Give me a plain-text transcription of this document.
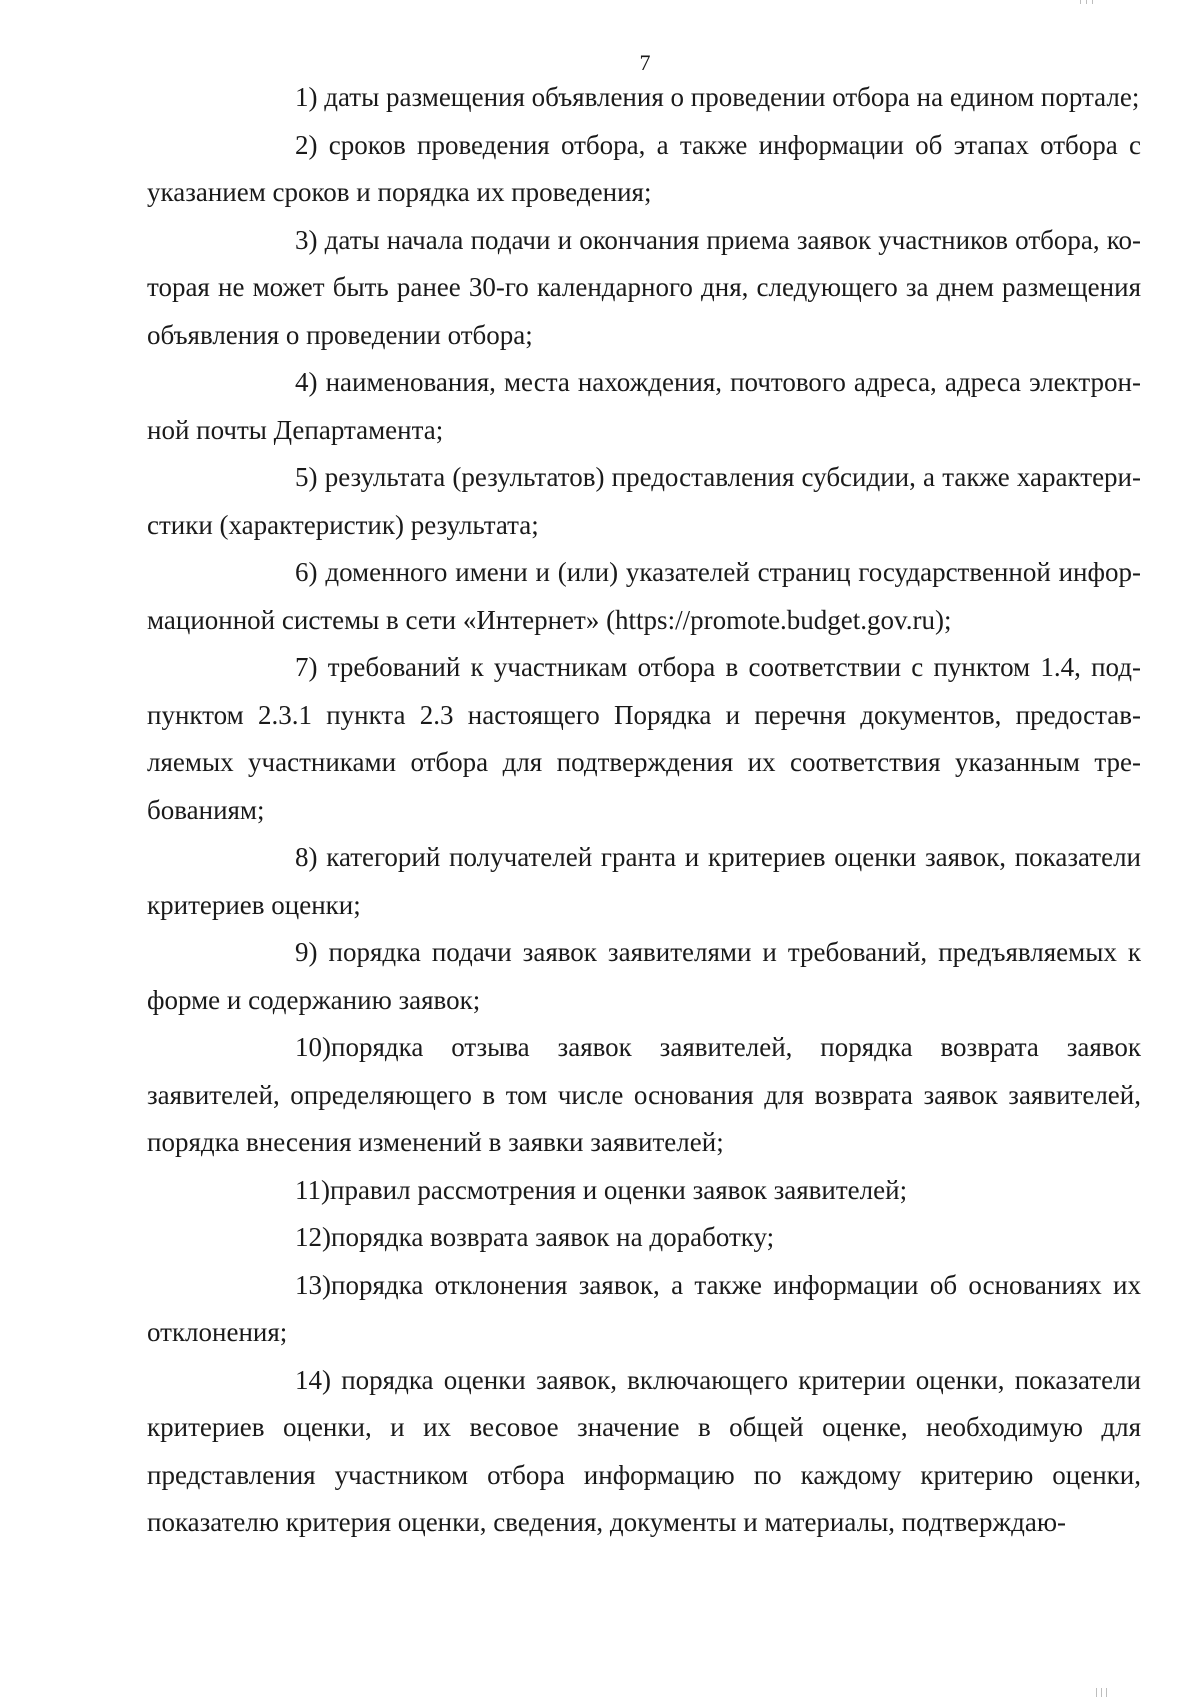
7

1) даты размещения объявления о проведении отбора на едином портале;

2) сроков проведения отбора, а также информации об этапах отбора с указанием сроков и порядка их проведения;

3) даты начала подачи и окончания приема заявок участников отбора, которая не может быть ранее 30-го календарного дня, следующего за днем размещения объявления о проведении отбора;

4) наименования, места нахождения, почтового адреса, адреса электронной почты Департамента;

5) результата (результатов) предоставления субсидии, а также характеристики (характеристик) результата;

6) доменного имени и (или) указателей страниц государственной информационной системы в сети «Интернет» (https://promote.budget.gov.ru);

7) требований к участникам отбора в соответствии с пунктом 1.4, подпунктом 2.3.1 пункта 2.3 настоящего Порядка и перечня документов, предоставляемых участниками отбора для подтверждения их соответствия указанным требованиям;

8) категорий получателей гранта и критериев оценки заявок, показатели критериев оценки;

9) порядка подачи заявок заявителями и требований, предъявляемых к форме и содержанию заявок;

10)порядка отзыва заявок заявителей, порядка возврата заявок заявителей, определяющего в том числе основания для возврата заявок заявителей, порядка внесения изменений в заявки заявителей;

11)правил рассмотрения и оценки заявок заявителей;

12)порядка возврата заявок на доработку;

13)порядка отклонения заявок, а также информации об основаниях их отклонения;

14) порядка оценки заявок, включающего критерии оценки, показатели критериев оценки, и их весовое значение в общей оценке, необходимую для представления участником отбора информацию по каждому критерию оценки, показателю критерия оценки, сведения, документы и материалы, подтверждаю-
